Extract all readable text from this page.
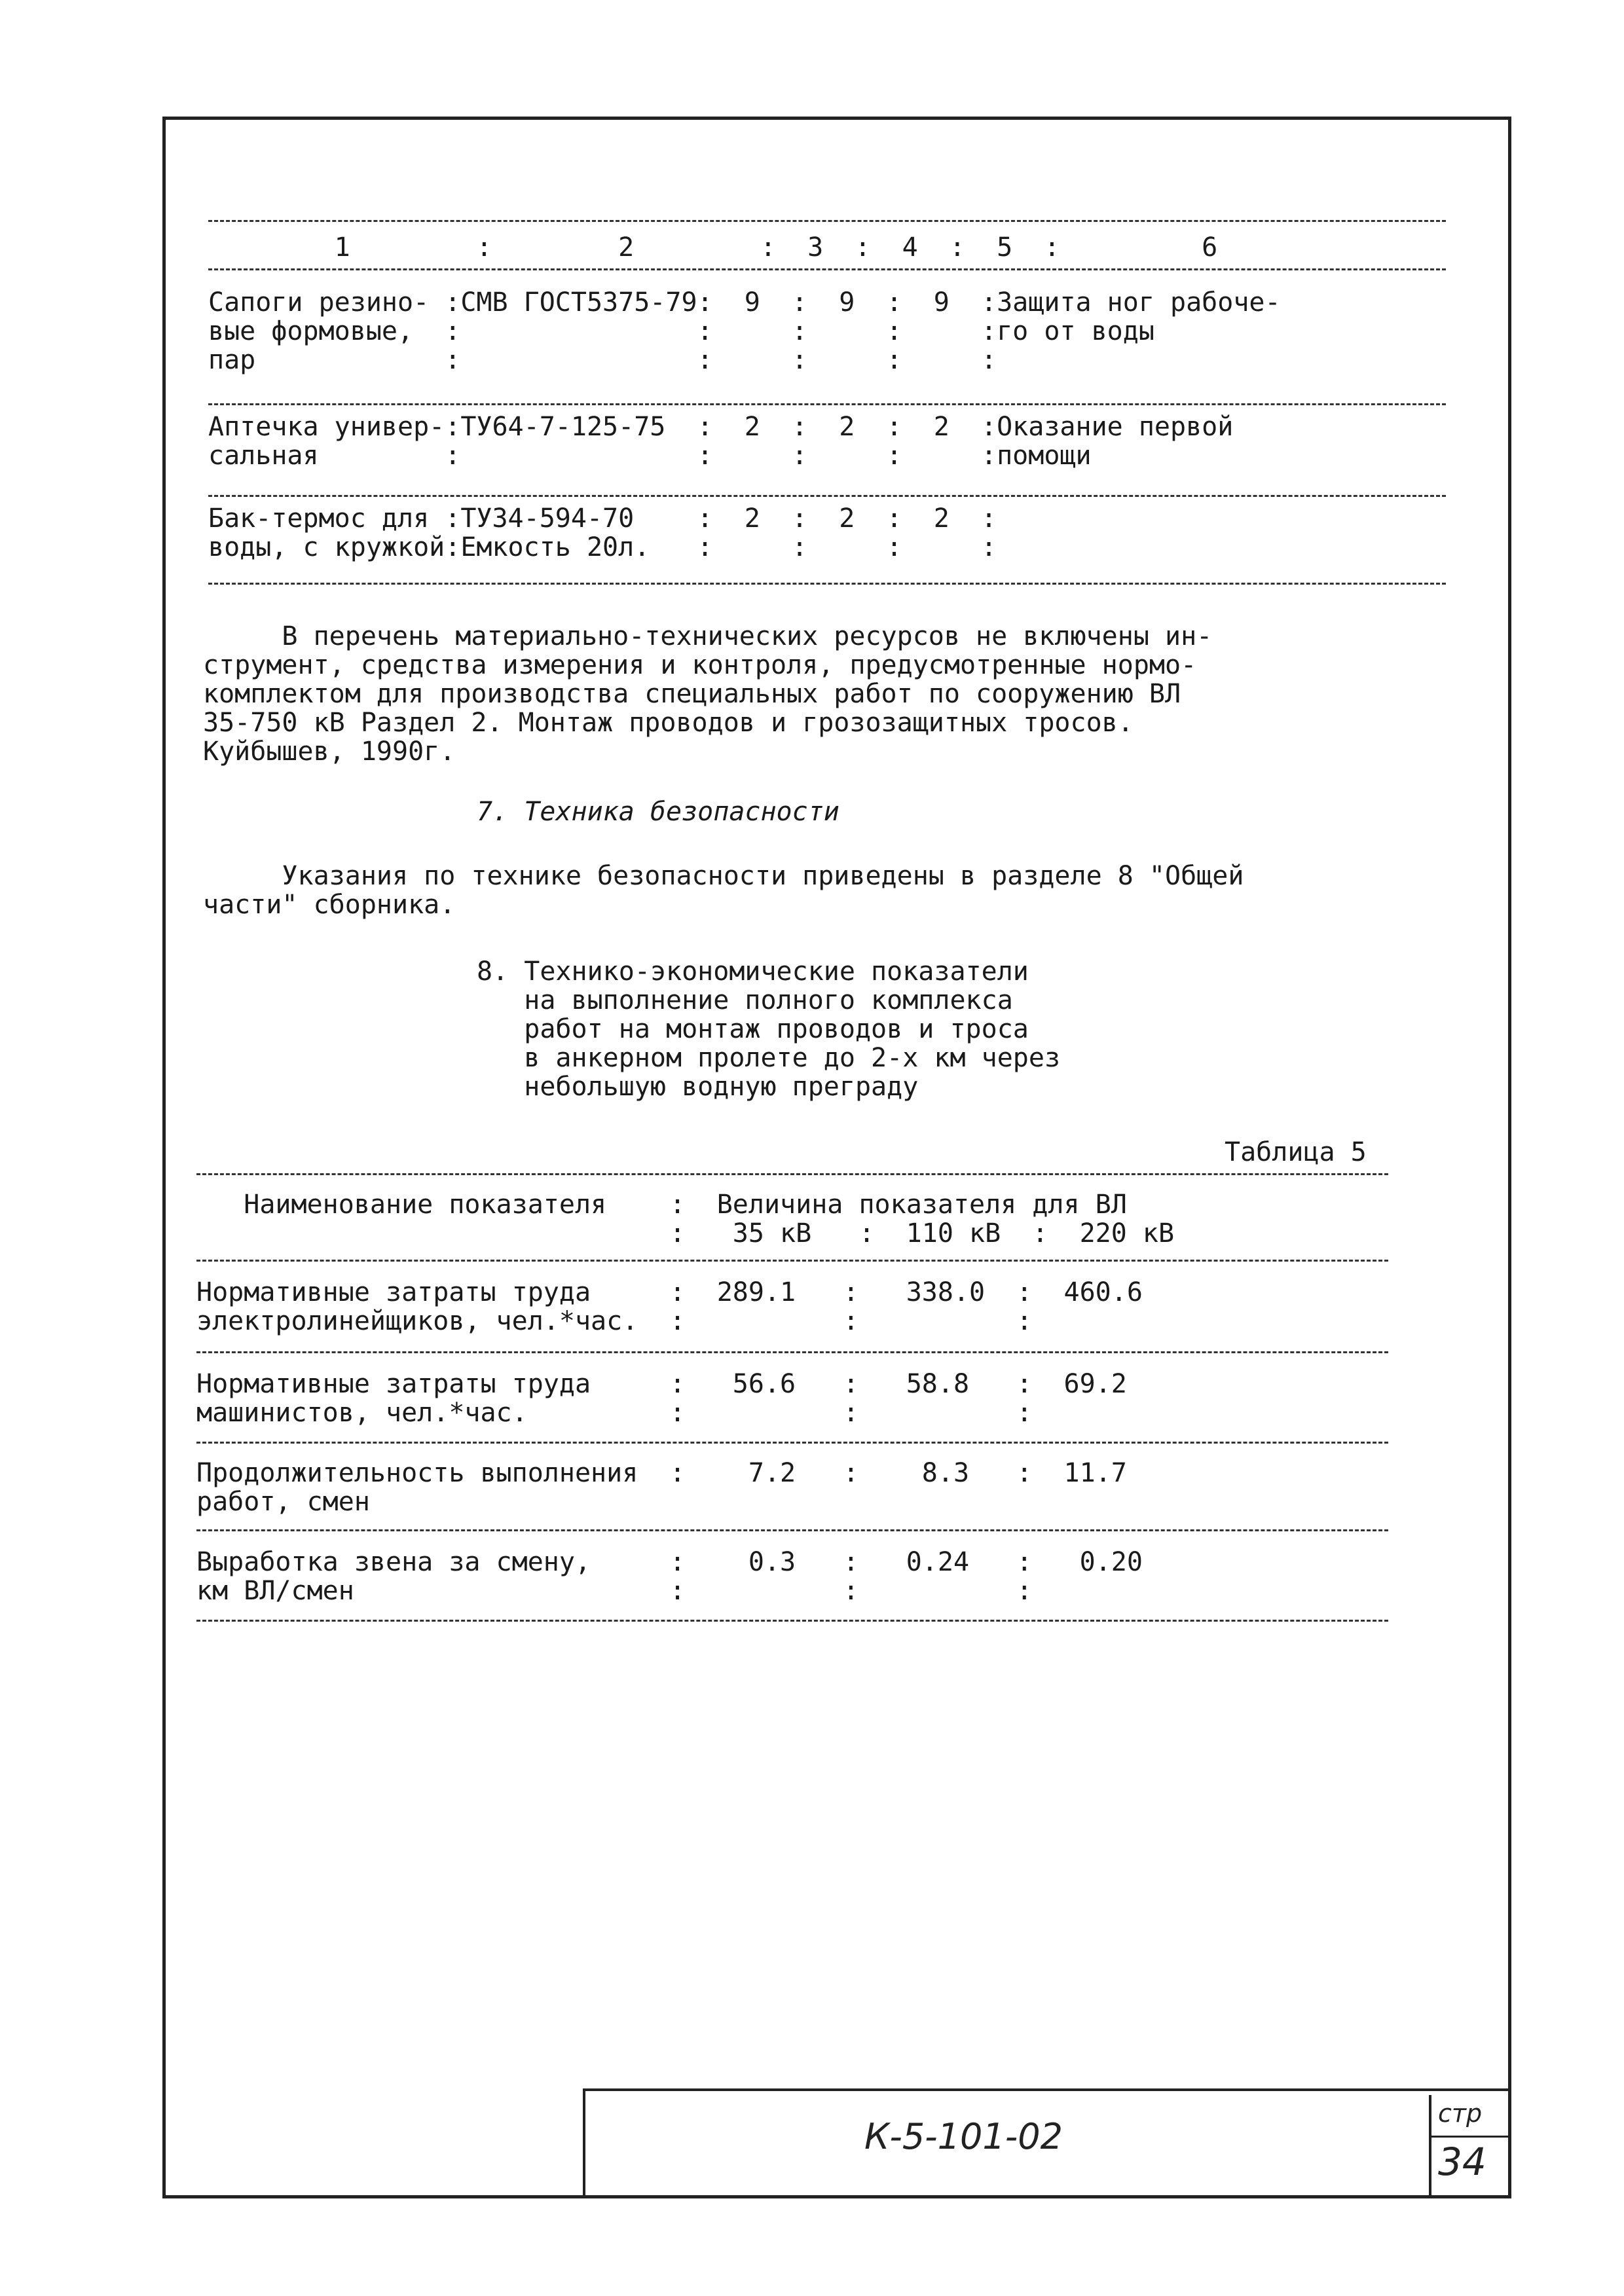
1        :        2        :  3  :  4  :  5  :         6
Сапоги резино- :СМВ ГОСТ5375-79:  9  :  9  :  9  :Защита ног рабоче-
вые формовые,  :               :     :     :     :го от воды
пар            :               :     :     :     :
Аптечка универ-:ТУ64-7-125-75  :  2  :  2  :  2  :Оказание первой
сальная        :               :     :     :     :помощи
Бак-термос для :ТУ34-594-70    :  2  :  2  :  2  :
воды, с кружкой:Емкость 20л.   :     :     :     :
В перечень материально-технических ресурсов не включены ин-
струмент, средства измерения и контроля, предусмотренные нормо-
комплектом для производства специальных работ по сооружению ВЛ
35-750 кВ Раздел 2. Монтаж проводов и грозозащитных тросов.
Куйбышев, 1990г.
7. Техника безопасности
Указания по технике безопасности приведены в разделе 8 "Общей
части" сборника.
8. Технико-экономические показатели
на выполнение полного комплекса
работ на монтаж проводов и троса
в анкерном пролете до 2-х км через
небольшую водную преграду
Таблица 5
Наименование показателя    :  Величина показателя для ВЛ
:   35 кВ   :  110 кВ  :  220 кВ
Нормативные затраты труда     :  289.1   :   338.0  :  460.6
электролинейщиков, чел.*час.  :          :          :
Нормативные затраты труда     :   56.6   :   58.8   :  69.2
машинистов, чел.*час.         :          :          :
Продолжительность выполнения  :    7.2   :    8.3   :  11.7
работ, смен
Выработка звена за смену,     :    0.3   :   0.24   :   0.20
км ВЛ/смен                    :          :          :
К-5-101-02
стр
34
